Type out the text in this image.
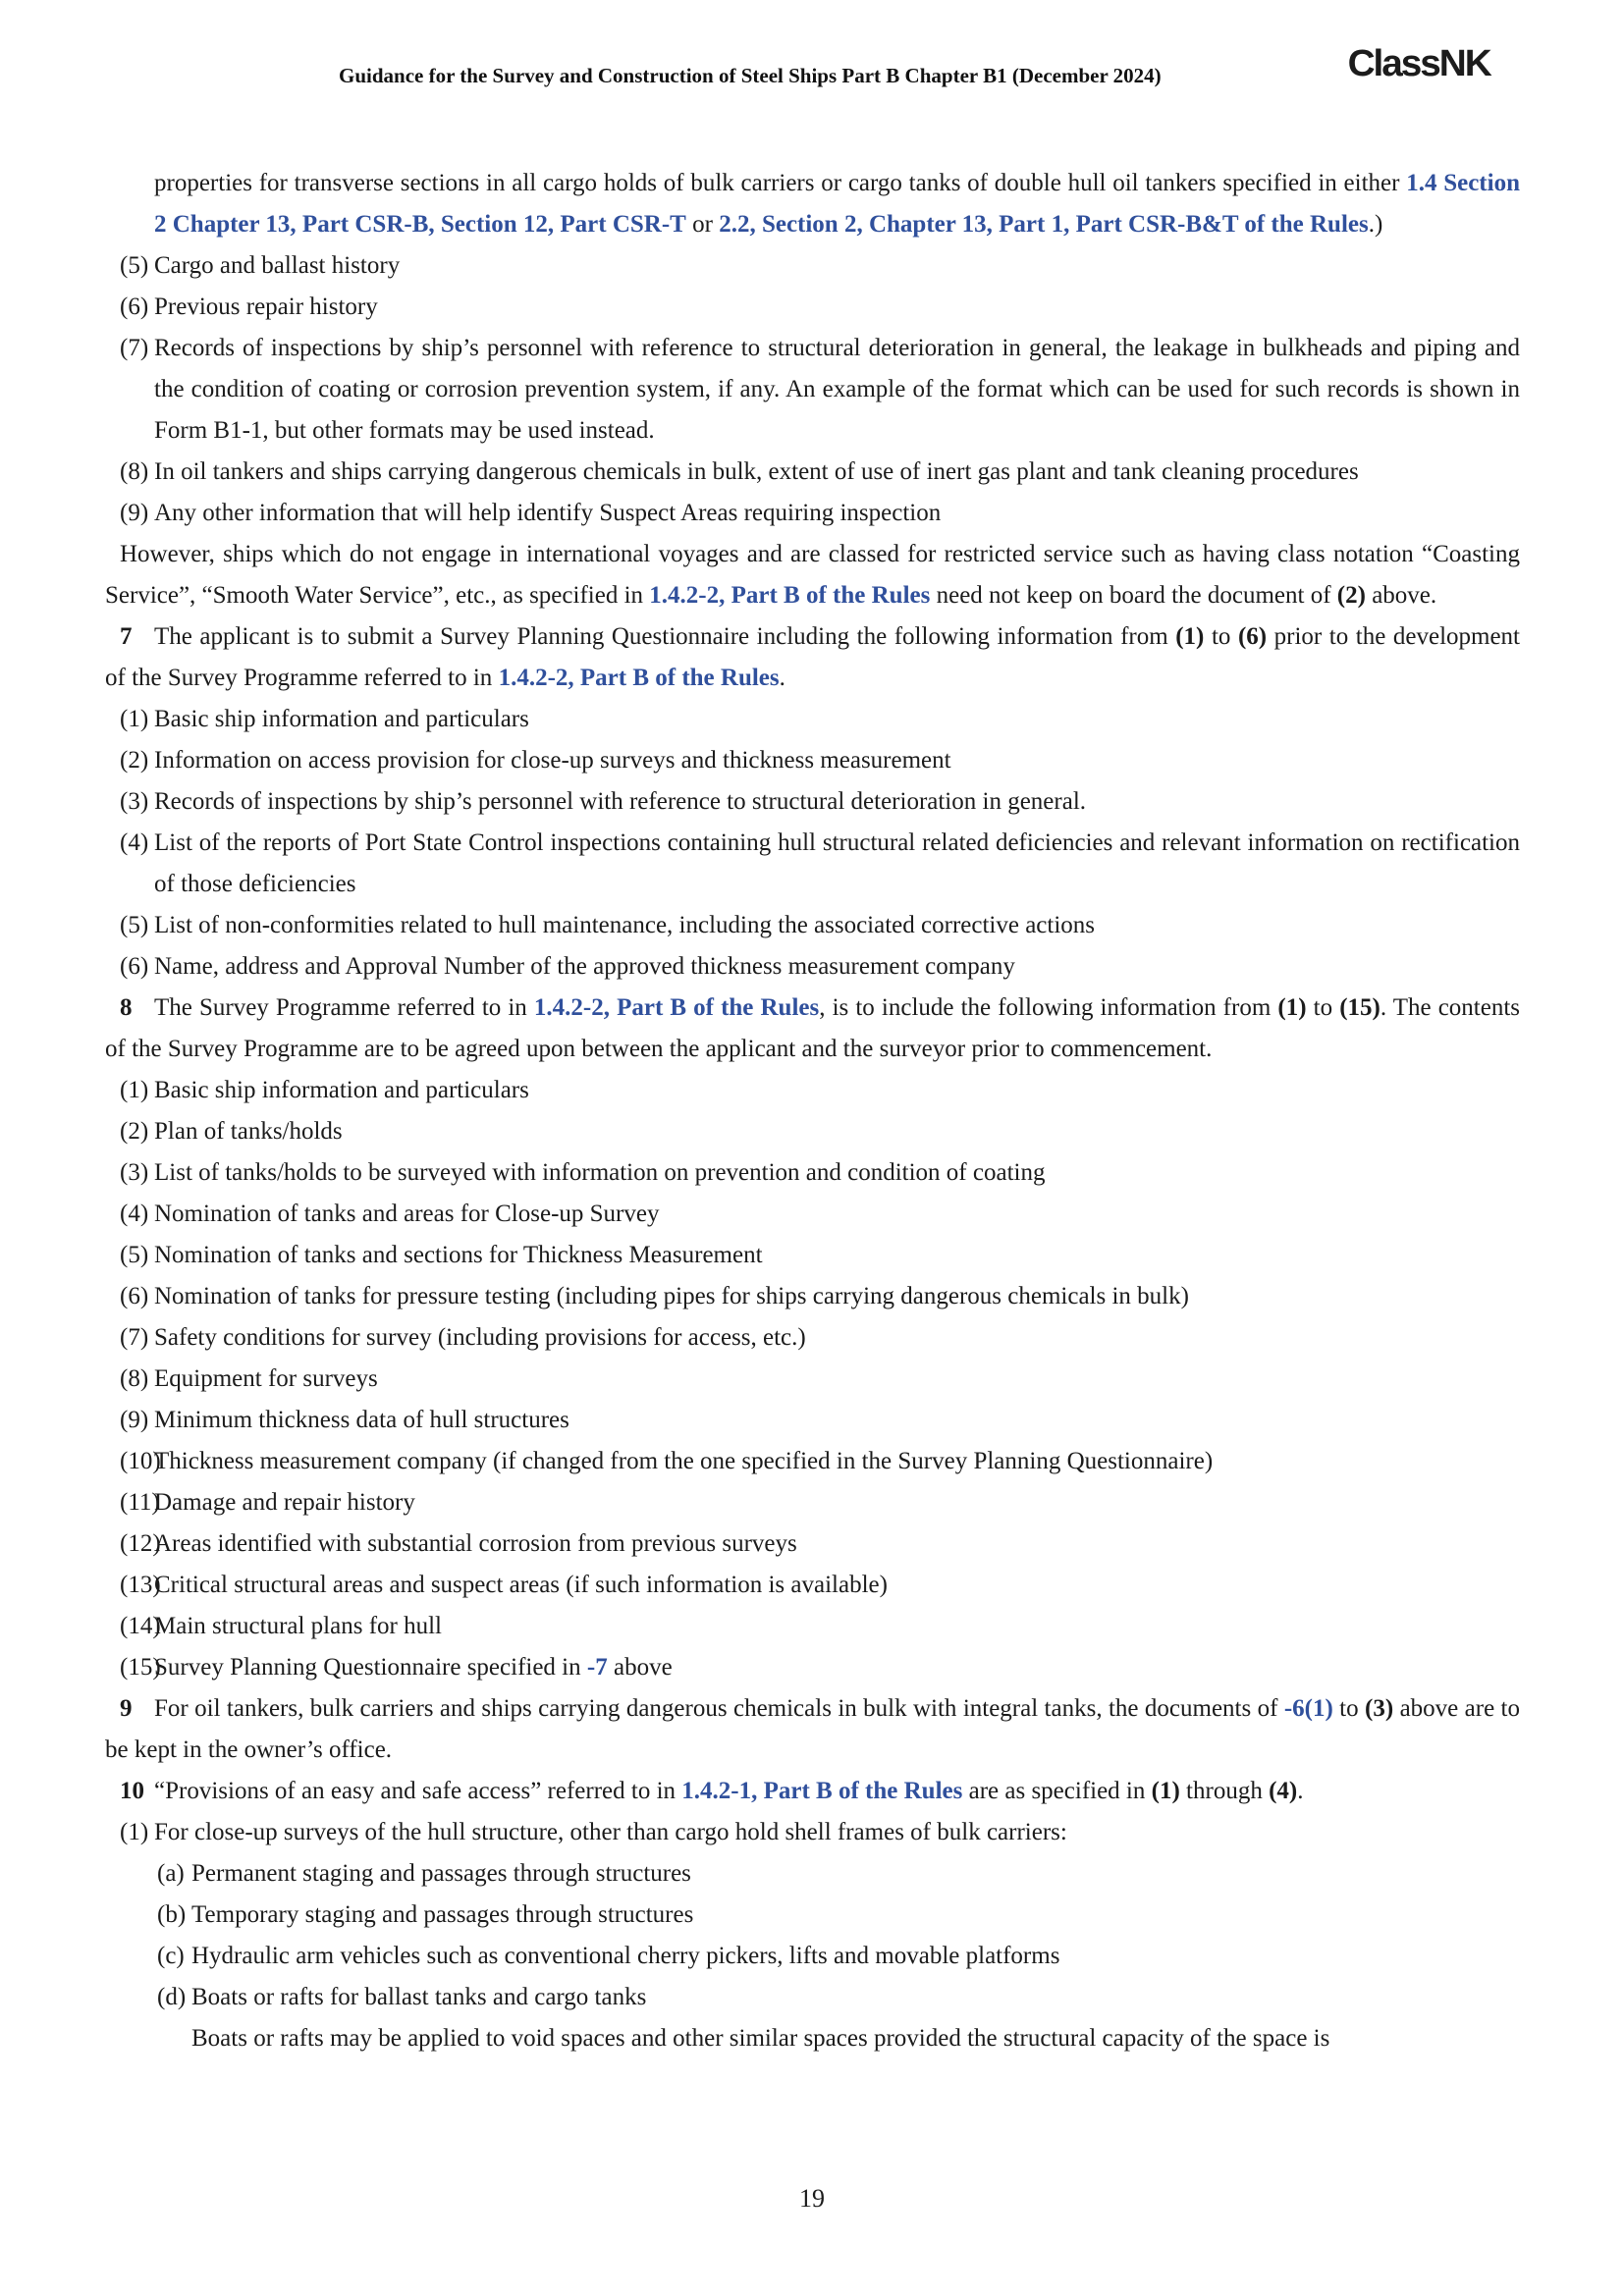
Guidance for the Survey and Construction of Steel Ships Part B Chapter B1 (December 2024)	ClassNK
properties for transverse sections in all cargo holds of bulk carriers or cargo tanks of double hull oil tankers specified in either 1.4 Section 2 Chapter 13, Part CSR-B, Section 12, Part CSR-T or 2.2, Section 2, Chapter 13, Part 1, Part CSR-B&T of the Rules.)
(5) Cargo and ballast history
(6) Previous repair history
(7) Records of inspections by ship’s personnel with reference to structural deterioration in general, the leakage in bulkheads and piping and the condition of coating or corrosion prevention system, if any. An example of the format which can be used for such records is shown in Form B1-1, but other formats may be used instead.
(8) In oil tankers and ships carrying dangerous chemicals in bulk, extent of use of inert gas plant and tank cleaning procedures
(9) Any other information that will help identify Suspect Areas requiring inspection
However, ships which do not engage in international voyages and are classed for restricted service such as having class notation “Coasting Service”, “Smooth Water Service”, etc., as specified in 1.4.2-2, Part B of the Rules need not keep on board the document of (2) above.
7 The applicant is to submit a Survey Planning Questionnaire including the following information from (1) to (6) prior to the development of the Survey Programme referred to in 1.4.2-2, Part B of the Rules.
(1) Basic ship information and particulars
(2) Information on access provision for close-up surveys and thickness measurement
(3) Records of inspections by ship’s personnel with reference to structural deterioration in general.
(4) List of the reports of Port State Control inspections containing hull structural related deficiencies and relevant information on rectification of those deficiencies
(5) List of non-conformities related to hull maintenance, including the associated corrective actions
(6) Name, address and Approval Number of the approved thickness measurement company
8 The Survey Programme referred to in 1.4.2-2, Part B of the Rules, is to include the following information from (1) to (15). The contents of the Survey Programme are to be agreed upon between the applicant and the surveyor prior to commencement.
(1) Basic ship information and particulars
(2) Plan of tanks/holds
(3) List of tanks/holds to be surveyed with information on prevention and condition of coating
(4) Nomination of tanks and areas for Close-up Survey
(5) Nomination of tanks and sections for Thickness Measurement
(6) Nomination of tanks for pressure testing (including pipes for ships carrying dangerous chemicals in bulk)
(7) Safety conditions for survey (including provisions for access, etc.)
(8) Equipment for surveys
(9) Minimum thickness data of hull structures
(10)
Thickness measurement company (if changed from the one specified in the Survey Planning Questionnaire)
(11)
Damage and repair history
(12)
Areas identified with substantial corrosion from previous surveys
(13)
Critical structural areas and suspect areas (if such information is available)
(14)
Main structural plans for hull
(15)
Survey Planning Questionnaire specified in -7 above
9 For oil tankers, bulk carriers and ships carrying dangerous chemicals in bulk with integral tanks, the documents of -6(1) to (3) above are to be kept in the owner’s office.
10 “Provisions of an easy and safe access” referred to in 1.4.2-1, Part B of the Rules are as specified in (1) through (4).
(1) For close-up surveys of the hull structure, other than cargo hold shell frames of bulk carriers:
(a) Permanent staging and passages through structures
(b) Temporary staging and passages through structures
(c) Hydraulic arm vehicles such as conventional cherry pickers, lifts and movable platforms
(d) Boats or rafts for ballast tanks and cargo tanks
Boats or rafts may be applied to void spaces and other similar spaces provided the structural capacity of the space is
19
